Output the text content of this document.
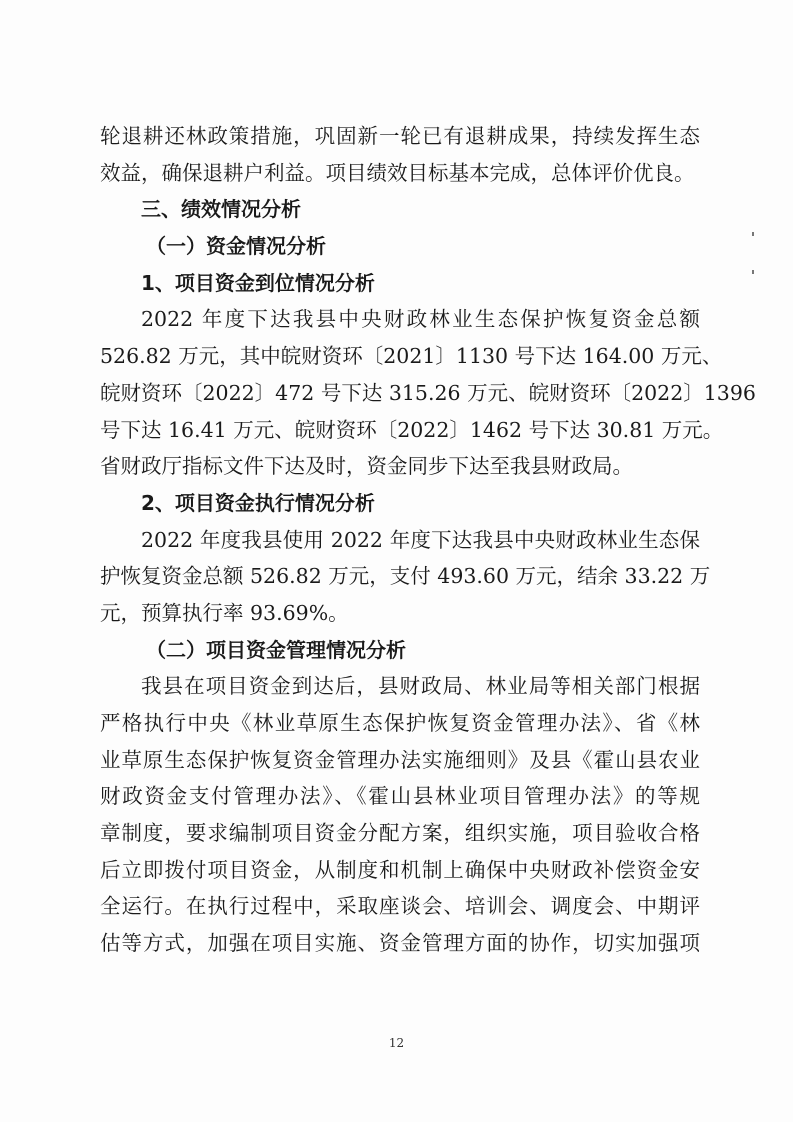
轮退耕还林政策措施，巩固新一轮已有退耕成果，持续发挥生态
效益，确保退耕户利益。项目绩效目标基本完成，总体评价优良。
三、绩效情况分析
（一）资金情况分析
1、项目资金到位情况分析
2022 年度下达我县中央财政林业生态保护恢复资金总额
526.82 万元，其中皖财资环〔2021〕1130 号下达 164.00 万元、
皖财资环〔2022〕472 号下达 315.26 万元、皖财资环〔2022〕1396
号下达 16.41 万元、皖财资环〔2022〕1462 号下达 30.81 万元。
省财政厅指标文件下达及时，资金同步下达至我县财政局。
2、项目资金执行情况分析
2022 年度我县使用 2022 年度下达我县中央财政林业生态保
护恢复资金总额 526.82 万元，支付 493.60 万元，结余 33.22 万
元，预算执行率 93.69%。
（二）项目资金管理情况分析
我县在项目资金到达后，县财政局、林业局等相关部门根据
严格执行中央《林业草原生态保护恢复资金管理办法》、省《林
业草原生态保护恢复资金管理办法实施细则》及县《霍山县农业
财政资金支付管理办法》、《霍山县林业项目管理办法》的等规
章制度，要求编制项目资金分配方案，组织实施，项目验收合格
后立即拨付项目资金，从制度和机制上确保中央财政补偿资金安
全运行。在执行过程中，采取座谈会、培训会、调度会、中期评
估等方式，加强在项目实施、资金管理方面的协作，切实加强项
12
